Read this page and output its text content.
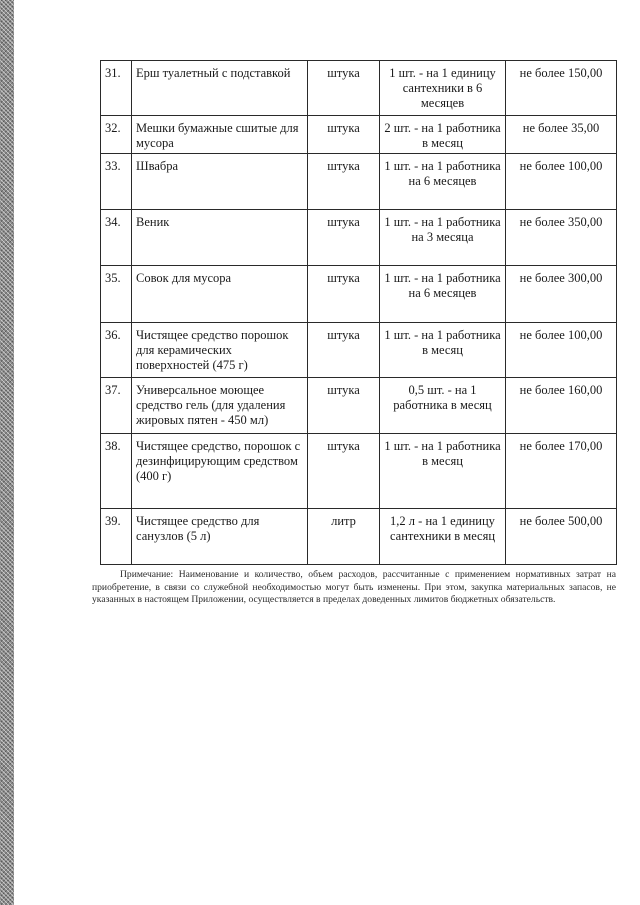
31.	Ерш туалетный с подставкой	штука	1 шт. - на 1 единицу сантехники в 6 месяцев	не более 150,00
32.	Мешки бумажные сшитые для мусора	штука	2 шт. - на 1 работника в месяц	не более 35,00
33.	Швабра	штука	1 шт. - на 1 работника на 6 месяцев	не более 100,00
34.	Веник	штука	1 шт. - на 1 работника на 3 месяца	не более 350,00
35.	Совок для мусора	штука	1 шт. - на 1 работника на 6 месяцев	не более 300,00
36.	Чистящее средство порошок для керамических поверхностей (475 г)	штука	1 шт. - на 1 работника в месяц	не более 100,00
37.	Универсальное моющее средство гель (для удаления жировых пятен - 450 мл)	штука	0,5 шт. - на 1 работника в месяц	не более 160,00
38.	Чистящее средство, порошок с дезинфицирующим средством (400 г)	штука	1 шт. - на 1 работника в месяц	не более 170,00
39.	Чистящее средство для санузлов (5 л)	литр	1,2 л - на 1 единицу сантехники в месяц	не более 500,00

Примечание: Наименование и количество, объем расходов, рассчитанные с применением нормативных затрат на приобретение, в связи со служебной необходимостью могут быть изменены. При этом, закупка материальных запасов, не указанных в настоящем Приложении, осуществляется в пределах доведенных лимитов бюджетных обязательств.
